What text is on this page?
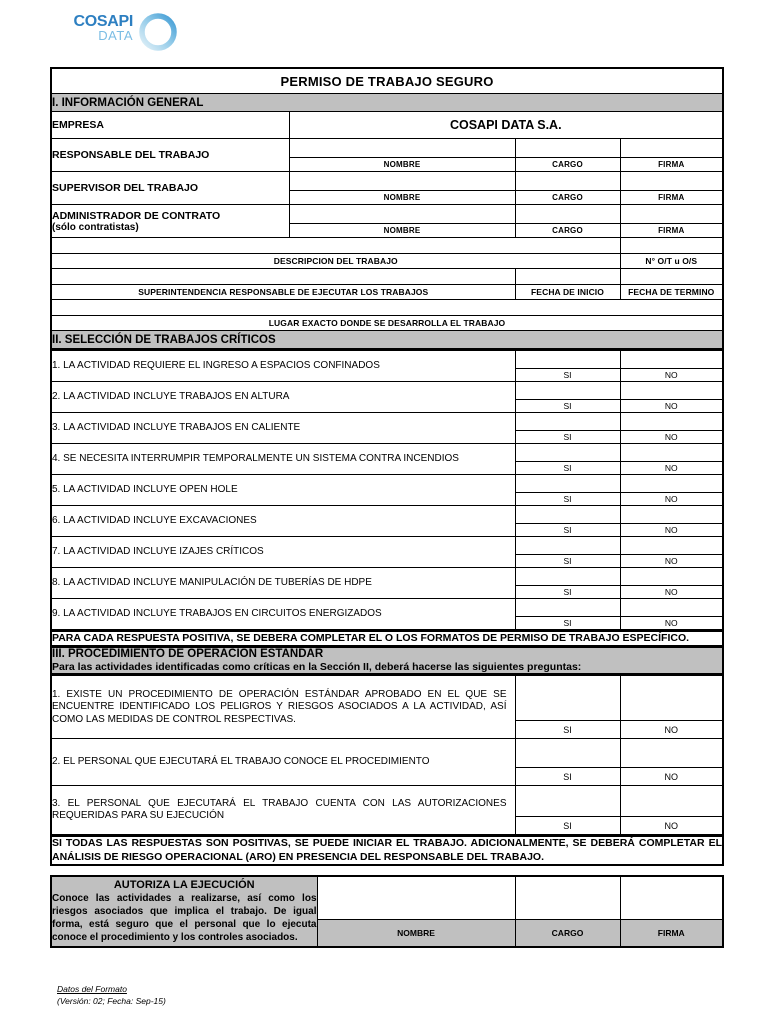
COSAPI
DATA
PERMISO DE TRABAJO SEGURO			
I. INFORMACIÓN GENERAL			
EMPRESA	COSAPI DATA S.A.		
RESPONSABLE DEL TRABAJO			
	NOMBRE	CARGO	FIRMA
SUPERVISOR DEL TRABAJO			
	NOMBRE	CARGO	FIRMA
ADMINISTRADOR DE CONTRATO
(sólo contratistas)			

	NOMBRE	CARGO	FIRMA

DESCRIPCION DEL TRABAJO			N° O/T u O/S

SUPERINTENDENCIA RESPONSABLE DE EJECUTAR LOS TRABAJOS		FECHA DE INICIO	FECHA DE TERMINO

LUGAR EXACTO DONDE SE DESARROLLA EL TRABAJO			
II. SELECCIÓN DE TRABAJOS CRÍTICOS			
1. LA ACTIVIDAD REQUIERE EL INGRESO A ESPACIOS CONFINADOS		
	SI	NO
2. LA ACTIVIDAD INCLUYE TRABAJOS EN ALTURA		
	SI	NO
3. LA ACTIVIDAD INCLUYE TRABAJOS EN CALIENTE		
	SI	NO
4. SE NECESITA INTERRUMPIR TEMPORALMENTE UN SISTEMA CONTRA INCENDIOS		
	SI	NO
5. LA ACTIVIDAD INCLUYE OPEN HOLE		
	SI	NO
6. LA ACTIVIDAD INCLUYE EXCAVACIONES		
	SI	NO
7. LA ACTIVIDAD INCLUYE IZAJES CRÍTICOS		
	SI	NO
8. LA ACTIVIDAD INCLUYE MANIPULACIÓN DE TUBERÍAS DE HDPE		
	SI	NO
9. LA ACTIVIDAD INCLUYE TRABAJOS EN CIRCUITOS ENERGIZADOS		
	SI	NO
PARA CADA RESPUESTA POSITIVA, SE DEBERA COMPLETAR EL O LOS FORMATOS DE PERMISO DE TRABAJO ESPECÍFICO.
III. PROCEDIMIENTO DE OPERACIÓN ESTANDAR
Para las actividades identificadas como críticas en la Sección II, deberá hacerse las siguientes preguntas:
1. EXISTE UN PROCEDIMIENTO DE OPERACIÓN ESTÁNDAR APROBADO EN EL QUE SE ENCUENTRE IDENTIFICADO LOS PELIGROS Y RIESGOS ASOCIADOS A LA ACTIVIDAD, ASÍ COMO LAS MEDIDAS DE CONTROL RESPECTIVAS.		
	SI	NO
2. EL PERSONAL QUE EJECUTARÁ EL TRABAJO CONOCE EL PROCEDIMIENTO		
	SI	NO
3. EL PERSONAL QUE EJECUTARÁ EL TRABAJO CUENTA CON LAS AUTORIZACIONES REQUERIDAS PARA SU EJECUCIÓN		
	SI	NO
SI TODAS LAS RESPUESTAS SON POSITIVAS, SE PUEDE INICIAR EL TRABAJO. ADICIONALMENTE, SE DEBERÁ COMPLETAR EL ANÁLISIS DE RIESGO OPERACIONAL (ARO) EN PRESENCIA DEL RESPONSABLE DEL TRABAJO.
AUTORIZA LA EJECUCIÓN
Conoce las actividades a realizarse, así como los riesgos asociados que implica el trabajo. De igual forma, está seguro que el personal que lo ejecuta conoce el procedimiento y los controles asociados.			

	NOMBRE	CARGO	FIRMA
Datos del Formato
(Versión: 02; Fecha: Sep-15)
